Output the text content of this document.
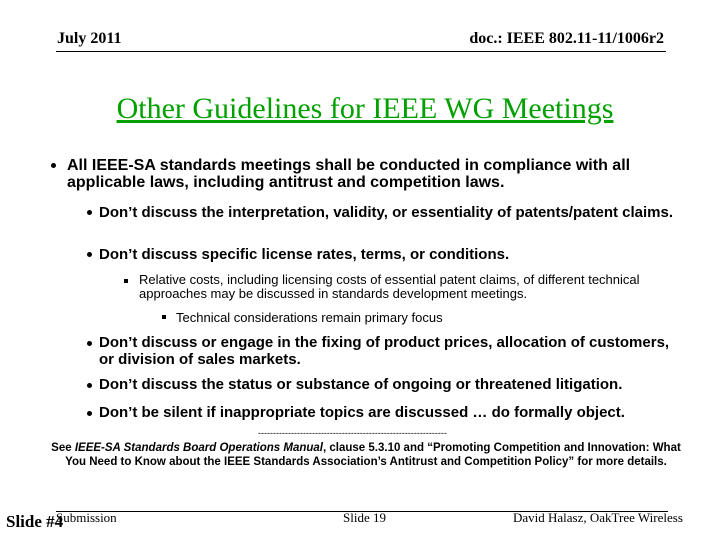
July 2011	doc.: IEEE 802.11-11/1006r2
Other Guidelines for IEEE WG Meetings
All IEEE-SA standards meetings shall be conducted in compliance with all applicable laws, including antitrust and competition laws.
Don’t discuss the interpretation, validity, or essentiality of patents/patent claims.
Don’t discuss specific license rates, terms, or conditions.
Relative costs, including licensing costs of essential patent claims, of different technical approaches may be discussed in standards development meetings.
Technical considerations remain primary focus
Don’t discuss or engage in the fixing of product prices, allocation of customers, or division of sales markets.
Don’t discuss the status or substance of ongoing or threatened litigation.
Don’t be silent if inappropriate topics are discussed … do formally object.
---------------------------------------------------------------
See IEEE-SA Standards Board Operations Manual, clause 5.3.10 and “Promoting Competition and Innovation: What You Need to Know about the IEEE Standards Association’s Antitrust and Competition Policy” for more details.
Slide #4
Submission	Slide 19	David Halasz, OakTree Wireless
